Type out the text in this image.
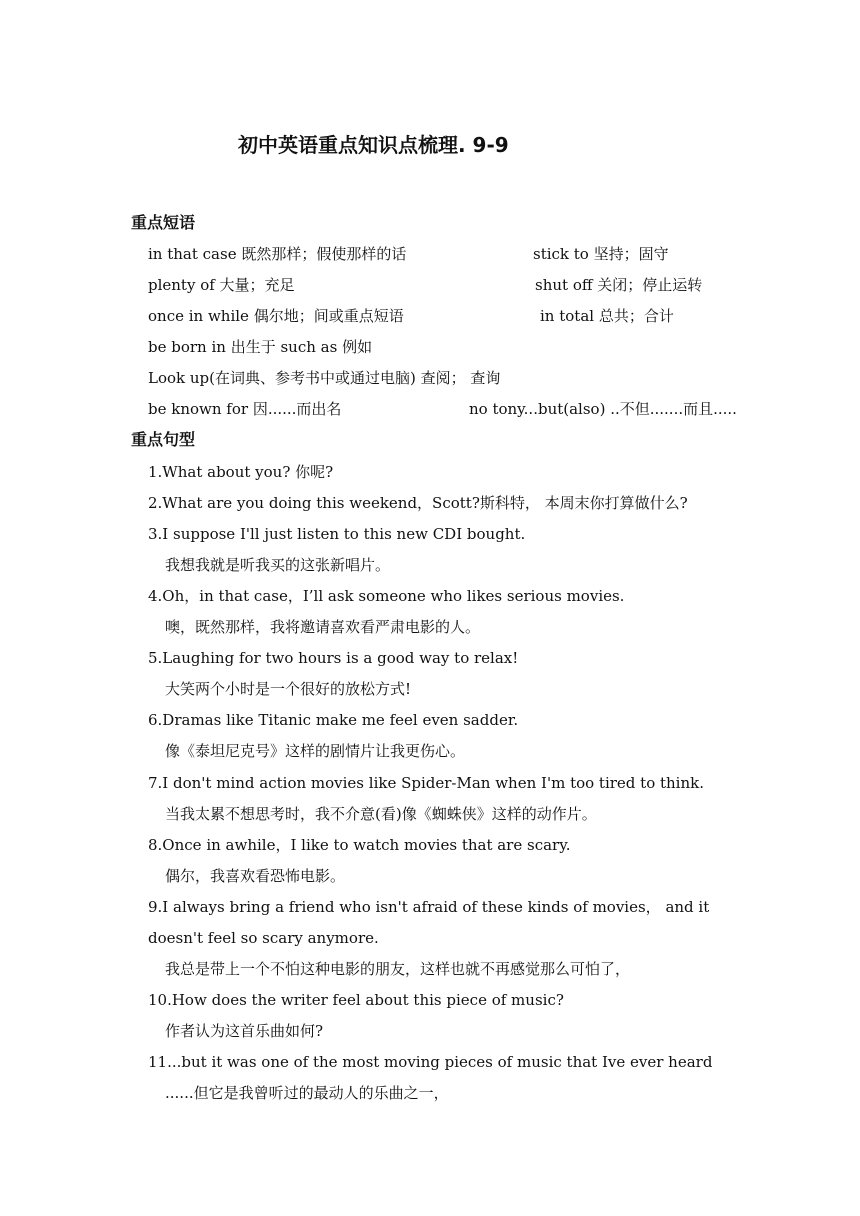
初中英语重点知识点梳理. 9-9
重点短语
in that case 既然那样；假使那样的话	stick to 坚持；固守
plenty of 大量；充足	shut off 关闭；停止运转
once in while 偶尔地；间或重点短语	in total 总共；合计
be born in 出生于 such as 例如
Look up(在词典、参考书中或通过电脑) 查阅； 查询
be known for 因......而出名	no tony...but(also) ..不但.......而且.....
重点句型
1.What about you? 你呢?
2.What are you doing this weekend，Scott?斯科特， 本周末你打算做什么?
3.I suppose I'll just listen to this new CDI bought.
我想我就是听我买的这张新唱片。
4.Oh，in that case，I’ll ask someone who likes serious movies.
噢，既然那样，我将邀请喜欢看严肃电影的人。
5.Laughing for two hours is a good way to relax!
大笑两个小时是一个很好的放松方式!
6.Dramas like Titanic make me feel even sadder.
像《泰坦尼克号》这样的剧情片让我更伤心。
7.I don't mind action movies like Spider-Man when I'm too tired to think.
当我太累不想思考时，我不介意(看)像《蜘蛛侠》这样的动作片。
8.Once in awhile，I like to watch movies that are scary.
偶尔，我喜欢看恐怖电影。
9.I always bring a friend who isn't afraid of these kinds of movies， and it
doesn't feel so scary anymore.
我总是带上一个不怕这种电影的朋友，这样也就不再感觉那么可怕了，
10.How does the writer feel about this piece of music?
作者认为这首乐曲如何?
11...but it was one of the most moving pieces of music that Ive ever heard
......但它是我曾听过的最动人的乐曲之一，
